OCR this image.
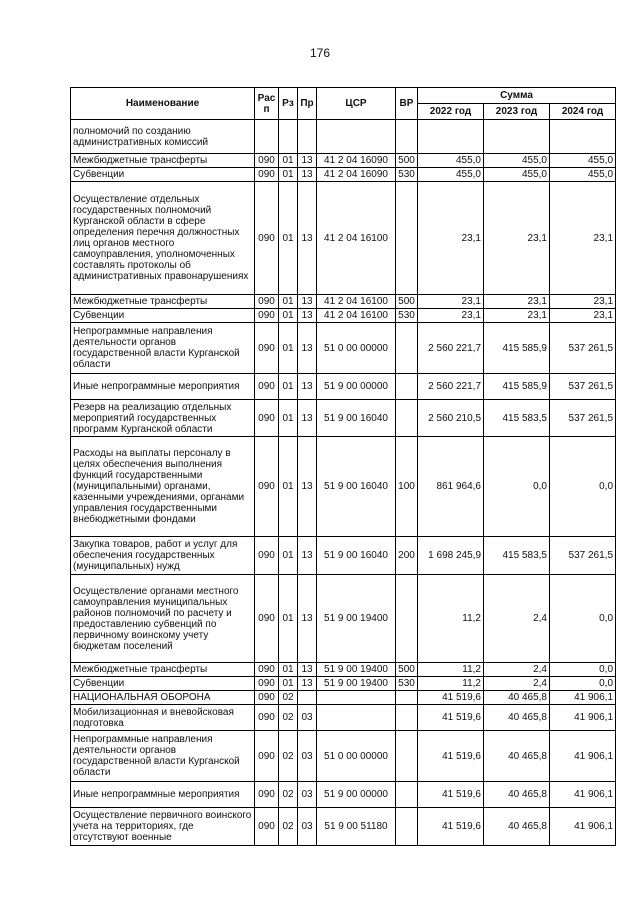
176
Наименование	Рас п	Рз	Пр	ЦСР	ВР	Сумма		
						2022 год	2023 год	2024 год
полномочий по созданию административных комиссий								
Межбюджетные трансферты	090	01	13	41 2 04 16090	500	455,0	455,0	455,0
Субвенции	090	01	13	41 2 04 16090	530	455,0	455,0	455,0
Осуществление отдельных государственных полномочий Курганской области в сфере определения перечня должностных лиц органов местного самоуправления, уполномоченных составлять протоколы об административных правонарушениях	090	01	13	41 2 04 16100		23,1	23,1	23,1
Межбюджетные трансферты	090	01	13	41 2 04 16100	500	23,1	23,1	23,1
Субвенции	090	01	13	41 2 04 16100	530	23,1	23,1	23,1
Непрограммные направления деятельности органов государственной власти Курганской области	090	01	13	51 0 00 00000		2 560 221,7	415 585,9	537 261,5
Иные непрограммные мероприятия	090	01	13	51 9 00 00000		2 560 221,7	415 585,9	537 261,5
Резерв на реализацию отдельных мероприятий государственных программ Курганской области	090	01	13	51 9 00 16040		2 560 210,5	415 583,5	537 261,5
Расходы на выплаты персоналу в целях обеспечения выполнения функций государственными (муниципальными) органами, казенными учреждениями, органами управления государственными внебюджетными фондами	090	01	13	51 9 00 16040	100	861 964,6	0,0	0,0
Закупка товаров, работ и услуг для обеспечения государственных (муниципальных) нужд	090	01	13	51 9 00 16040	200	1 698 245,9	415 583,5	537 261,5
Осуществление органами местного самоуправления муниципальных районов полномочий по расчету и предоставлению субвенций по первичному воинскому учету бюджетам поселений	090	01	13	51 9 00 19400		11,2	2,4	0,0
Межбюджетные трансферты	090	01	13	51 9 00 19400	500	11,2	2,4	0,0
Субвенции	090	01	13	51 9 00 19400	530	11,2	2,4	0,0
НАЦИОНАЛЬНАЯ ОБОРОНА	090	02				41 519,6	40 465,8	41 906,1
Мобилизационная и вневойсковая подготовка	090	02	03			41 519,6	40 465,8	41 906,1
Непрограммные направления деятельности органов государственной власти Курганской области	090	02	03	51 0 00 00000		41 519,6	40 465,8	41 906,1
Иные непрограммные мероприятия	090	02	03	51 9 00 00000		41 519,6	40 465,8	41 906,1
Осуществление первичного воинского учета на территориях, где отсутствуют военные	090	02	03	51 9 00 51180		41 519,6	40 465,8	41 906,1
